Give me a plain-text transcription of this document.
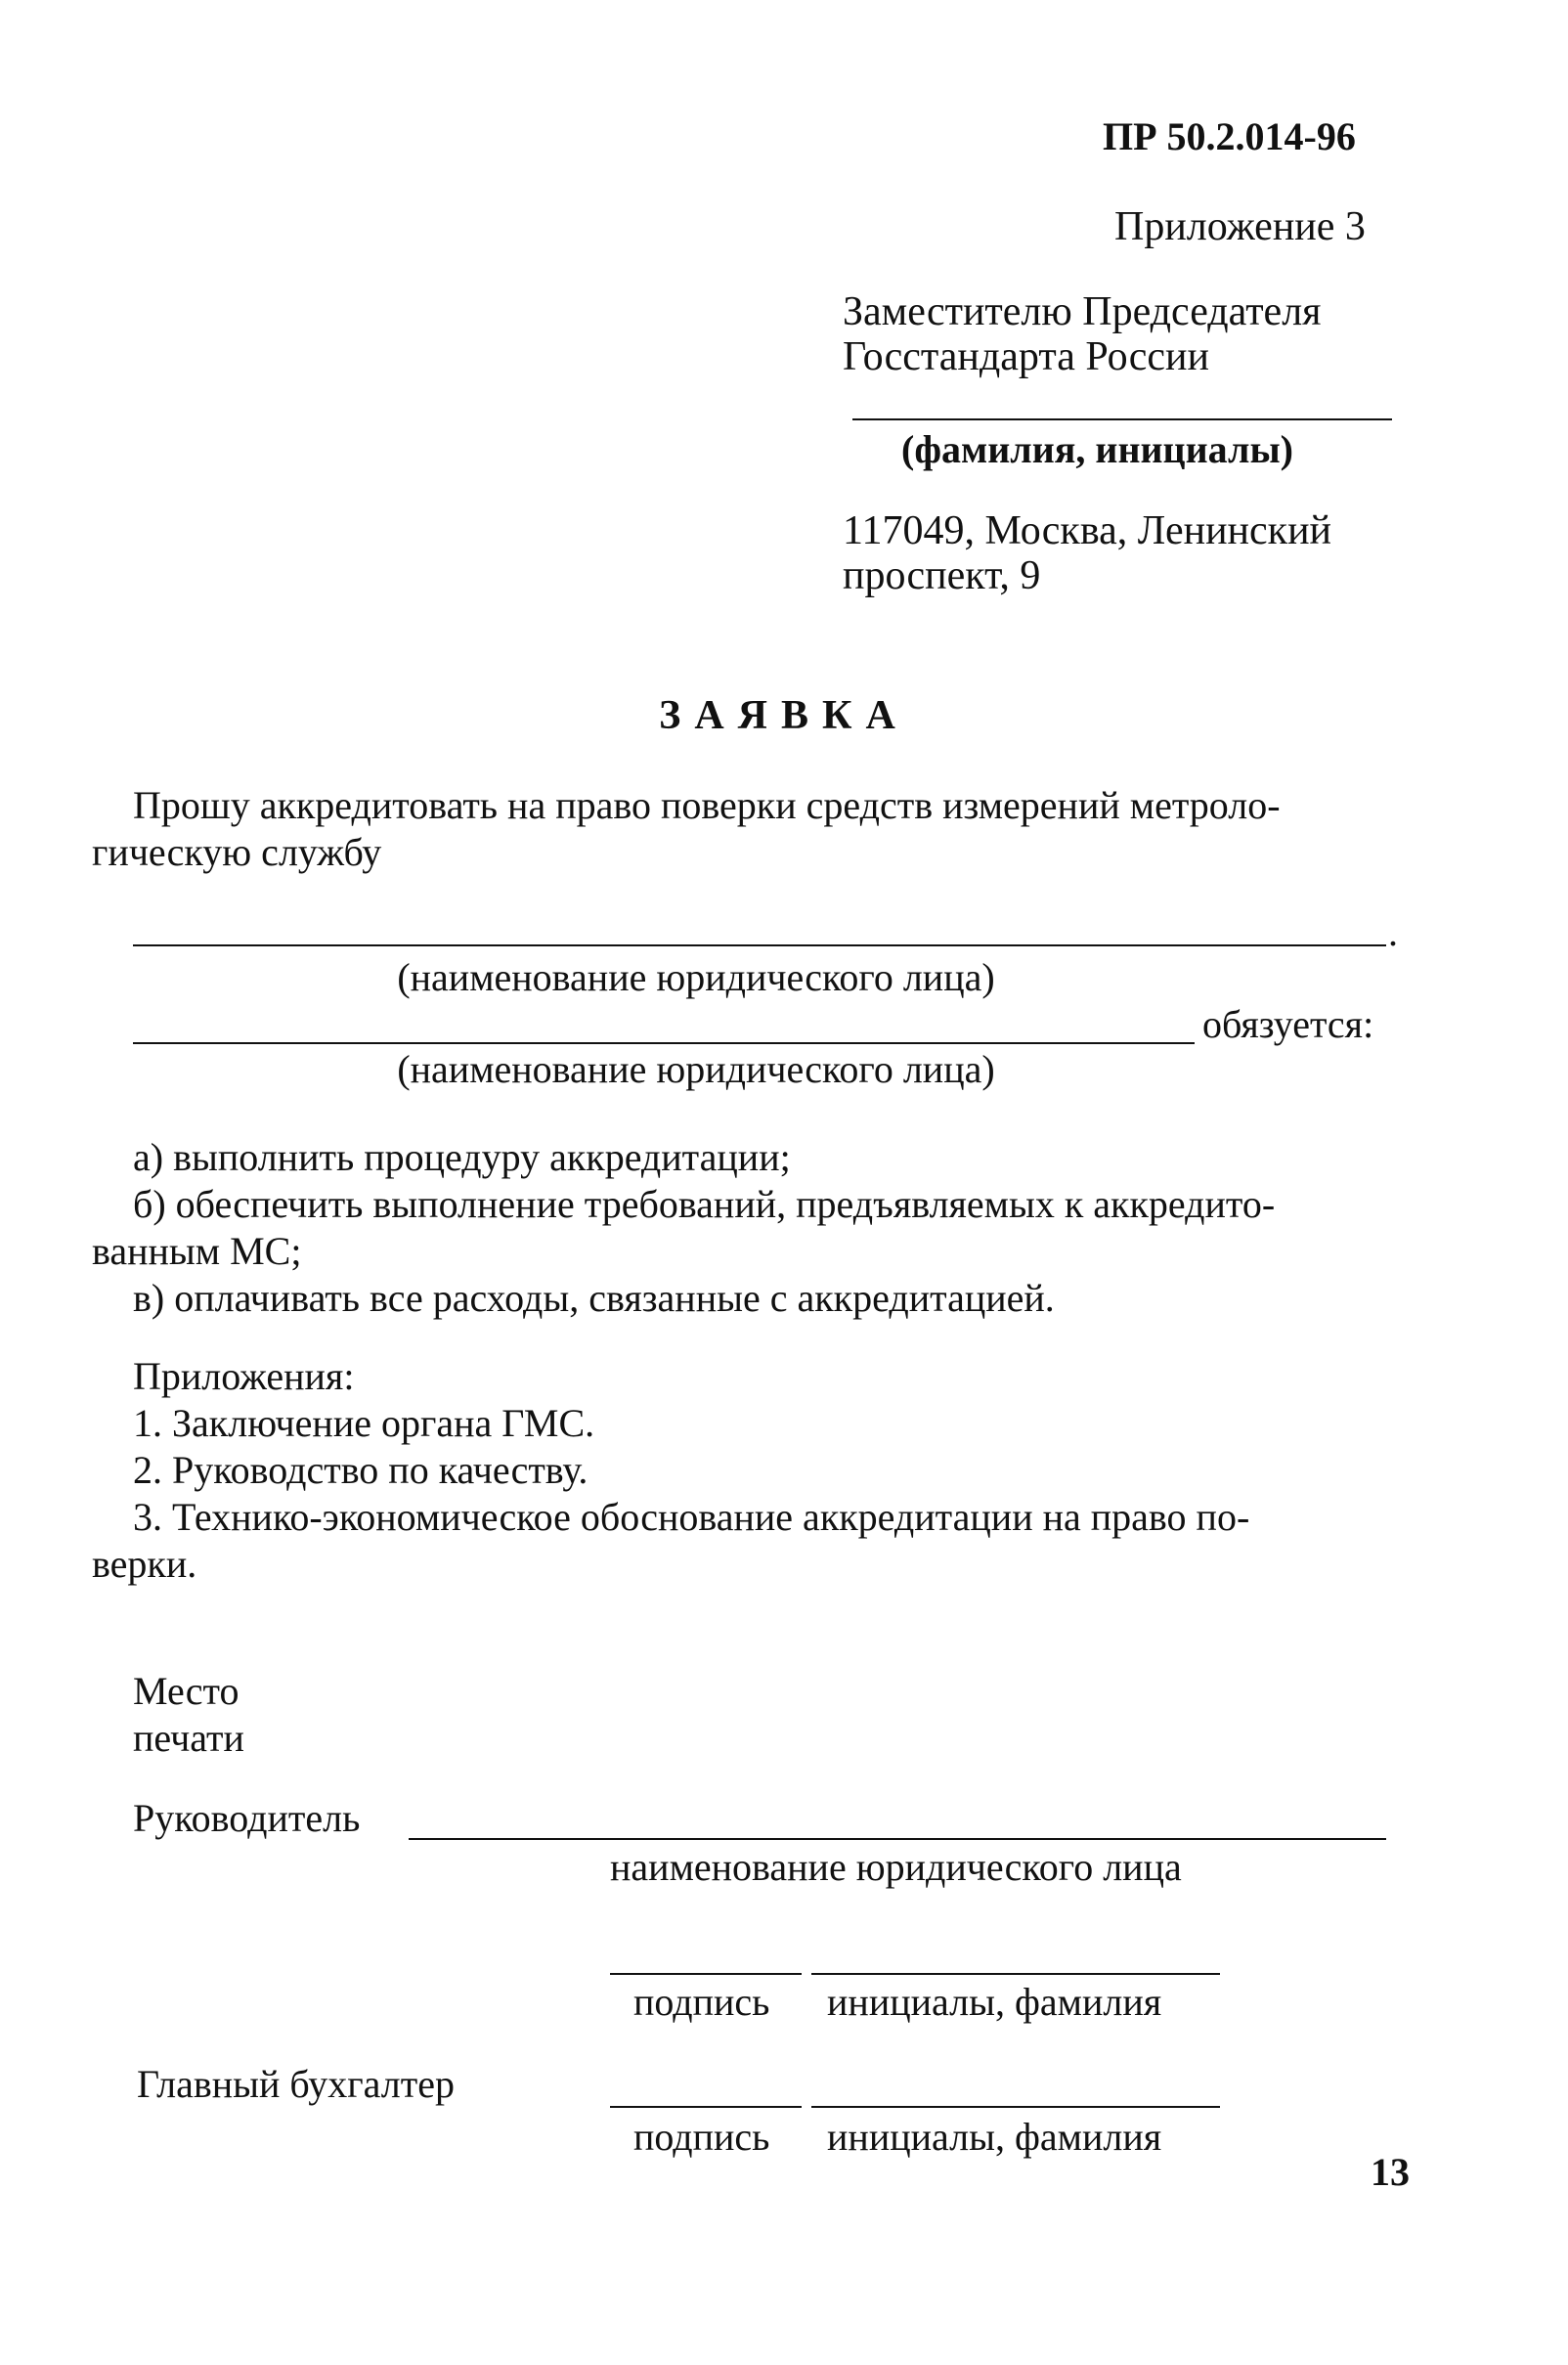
ПР 50.2.014-96
Приложение 3
Заместителю Председателя
Госстандарта России
(фамилия, инициалы)
117049, Москва, Ленинский
проспект, 9
ЗАЯВКА
Прошу аккредитовать на право поверки средств измерений метроло-
гическую службу
.
(наименование юридического лица)
обязуется:
(наименование юридического лица)
а) выполнить процедуру аккредитации;
б) обеспечить выполнение требований, предъявляемых к аккредито-
ванным МС;
в) оплачивать все расходы, связанные с аккредитацией.
Приложения:
1. Заключение органа ГМС.
2. Руководство по качеству.
3. Технико-экономическое обоснование аккредитации на право по-
верки.
Место
печати
Руководитель
наименование юридического лица
подпись инициалы, фамилия
Главный бухгалтер
подпись инициалы, фамилия
13
